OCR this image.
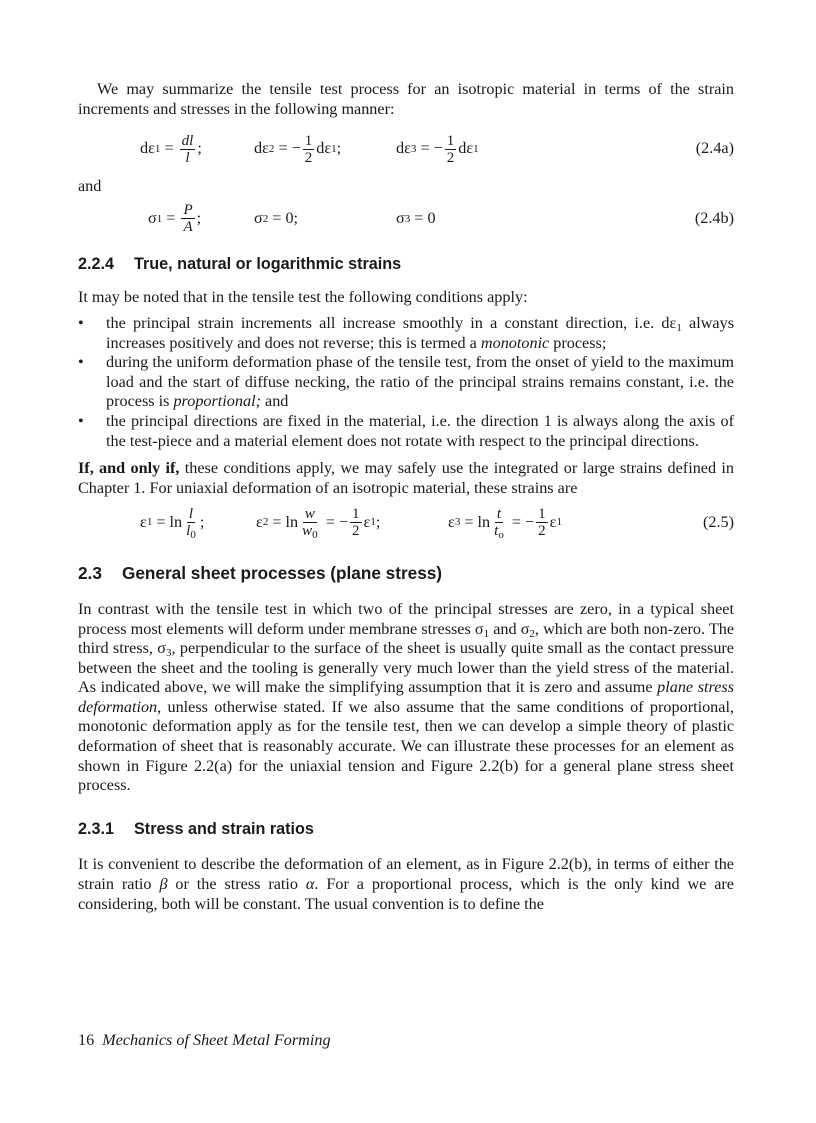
We may summarize the tensile test process for an isotropic material in terms of the strain increments and stresses in the following manner:

dε $1 = \frac{dl}{l}$ ;	dε 2
= − $\frac{1}{2}$ dε 1 ;	dε 3
= − $\frac{1}{2}$ dε 1	(2.4a)

and

σ $1 = \frac{P}{A}$ ;	σ 2
= 0;	σ 3
= 0	(2.4b)
2.2.4 True, natural or logarithmic strains

It may be noted that in the tensile test the following conditions apply:

• the principal strain increments all increase smoothly in a constant direction, i.e. $d\varepsilon_1$ always increases positively and does not reverse; this is termed a monotonic process;
• during the uniform deformation phase of the tensile test, from the onset of yield to the maximum load and the start of diffuse necking, the ratio of the principal strains remains constant, i.e. the process is proportional; and
• the principal directions are fixed in the material, i.e. the direction 1 is always along the axis of the test-piece and a material element does not rotate with respect to the principal directions.

If, and only if, these conditions apply, we may safely use the integrated or large strains defined in Chapter 1. For uniaxial deformation of an isotropic material, these strains are

ε 1
= $\ln \frac{l}{l_0}$ ;	ε 2
= $\ln \frac{w}{w_0}$
= − $\frac{1}{2}$ ε 1 ;	ε 3
= $\ln \frac{t}{t_o}$
= − $\frac{1}{2}$ ε 1	(2.5)
2.3 General sheet processes (plane stress)

In contrast with the tensile test in which two of the principal stresses are zero, in a typical sheet process most elements will deform under membrane stresses $\sigma_1$ and $\sigma_2$, which are both non-zero. The third stress, $\sigma_3$, perpendicular to the surface of the sheet is usually quite small as the contact pressure between the sheet and the tooling is generally very much lower than the yield stress of the material. As indicated above, we will make the simplifying assumption that it is zero and assume plane stress deformation, unless otherwise stated. If we also assume that the same conditions of proportional, monotonic deformation apply as for the tensile test, then we can develop a simple theory of plastic deformation of sheet that is reasonably accurate. We can illustrate these processes for an element as shown in Figure 2.2(a) for the uniaxial tension and Figure 2.2(b) for a general plane stress sheet process.

2.3.1 Stress and strain ratios

It is convenient to describe the deformation of an element, as in Figure 2.2(b), in terms of either the strain ratio β or the stress ratio α. For a proportional process, which is the only kind we are considering, both will be constant. The usual convention is to define the

16 Mechanics of Sheet Metal Forming
